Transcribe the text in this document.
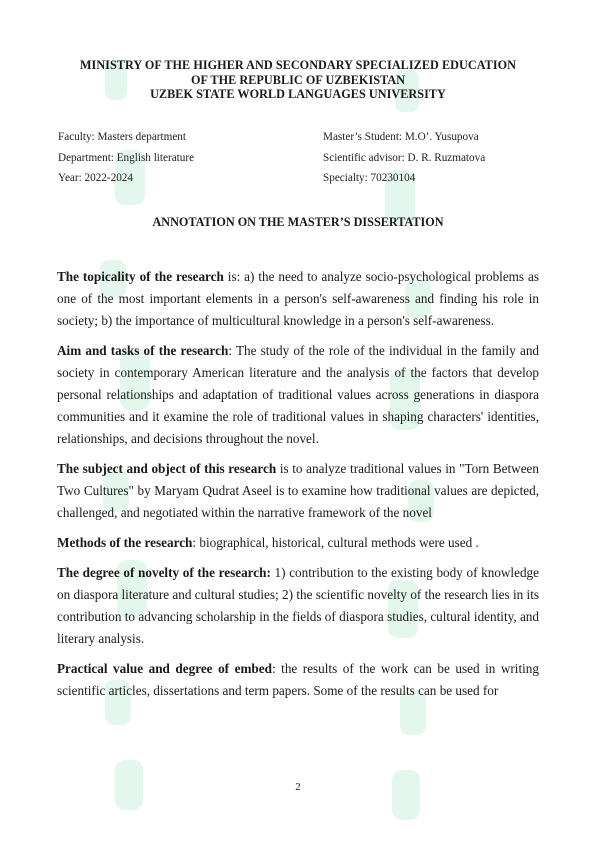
MINISTRY OF THE HIGHER AND SECONDARY SPECIALIZED EDUCATION
OF THE REPUBLIC OF UZBEKISTAN
UZBEK STATE WORLD LANGUAGES UNIVERSITY
Faculty: Masters department	Master’s Student: M.O’. Yusupova
Department: English literature	Scientific advisor: D. R. Ruzmatova
Year: 2022-2024	Specialty: 70230104
ANNOTATION ON THE MASTER’S DISSERTATION

The topicality of the research is: a) the need to analyze socio-psychological problems as one of the most important elements in a person's self-awareness and finding his role in society; b) the importance of multicultural knowledge in a person's self-awareness.

Aim and tasks of the research: The study of the role of the individual in the family and society in contemporary American literature and the analysis of the factors that develop personal relationships and adaptation of traditional values across generations in diaspora communities and it examine the role of traditional values in shaping characters' identities, relationships, and decisions throughout the novel.

The subject and object of this research is to analyze traditional values in "Torn Between Two Cultures" by Maryam Qudrat Aseel is to examine how traditional values are depicted, challenged, and negotiated within the narrative framework of the novel

Methods of the research: biographical, historical, cultural methods were used .

The degree of novelty of the research: 1) contribution to the existing body of knowledge on diaspora literature and cultural studies; 2) the scientific novelty of the research lies in its contribution to advancing scholarship in the fields of diaspora studies, cultural identity, and literary analysis.

Practical value and degree of embed: the results of the work can be used in writing scientific articles, dissertations and term papers. Some of the results can be used for

2
